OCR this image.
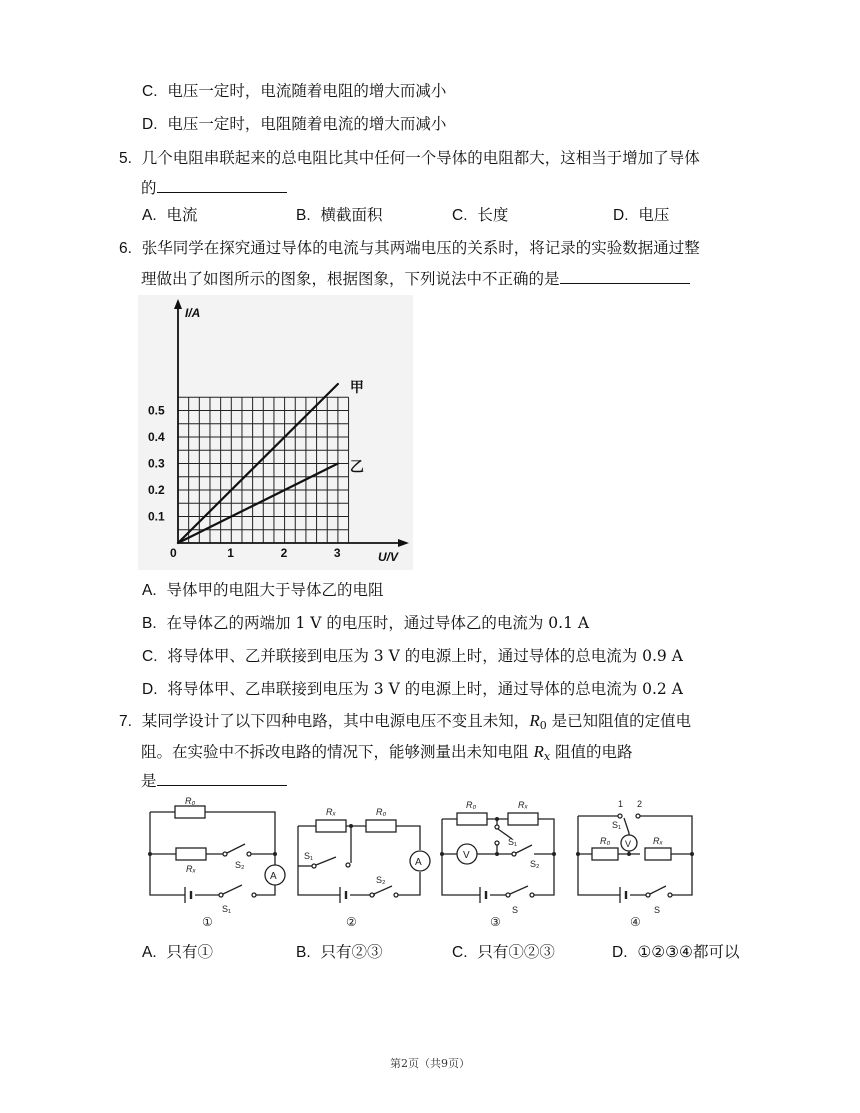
C. 电压一定时，电流随着电阻的增大而减小
D. 电压一定时，电阻随着电流的增大而减小
5. 几个电阻串联起来的总电阻比其中任何一个导体的电阻都大，这相当于增加了导体
的
A. 电流	B. 横截面积	C. 长度	D. 电压
6. 张华同学在探究通过导体的电流与其两端电压的关系时，将记录的实验数据通过整
理做出了如图所示的图象，根据图象，下列说法中不正确的是
I/A
U/V
0.1
0.2
0.3
0.4
0.5
0	1	2	3
甲
乙
A. 导体甲的电阻大于导体乙的电阻
B. 在导体乙的两端加 1 V 的电压时，通过导体乙的电流为 0.1 A
C. 将导体甲、乙并联接到电压为 3 V 的电源上时，通过导体的总电流为 0.9 A
D. 将导体甲、乙串联接到电压为 3 V 的电源上时，通过导体的总电流为 0.2 A
7. 某同学设计了以下四种电路，其中电源电压不变且未知，$R_0$ 是已知阻值的定值电
阻。在实验中不拆改电路的情况下，能够测量出未知电阻 $R_x$ 阻值的电路
是
A
R₀
Rₓ	S₂
S₁
①
A
Rₓ	R₀
S₁
S₂
②
V
R₀	Rₓ
S₁
S₂
S
③
V
1 2
S₁
R₀	Rₓ
S
④
A. 只有①	B. 只有②③	C. 只有①②③	D. ①②③④都可以
第2页（共9页）
